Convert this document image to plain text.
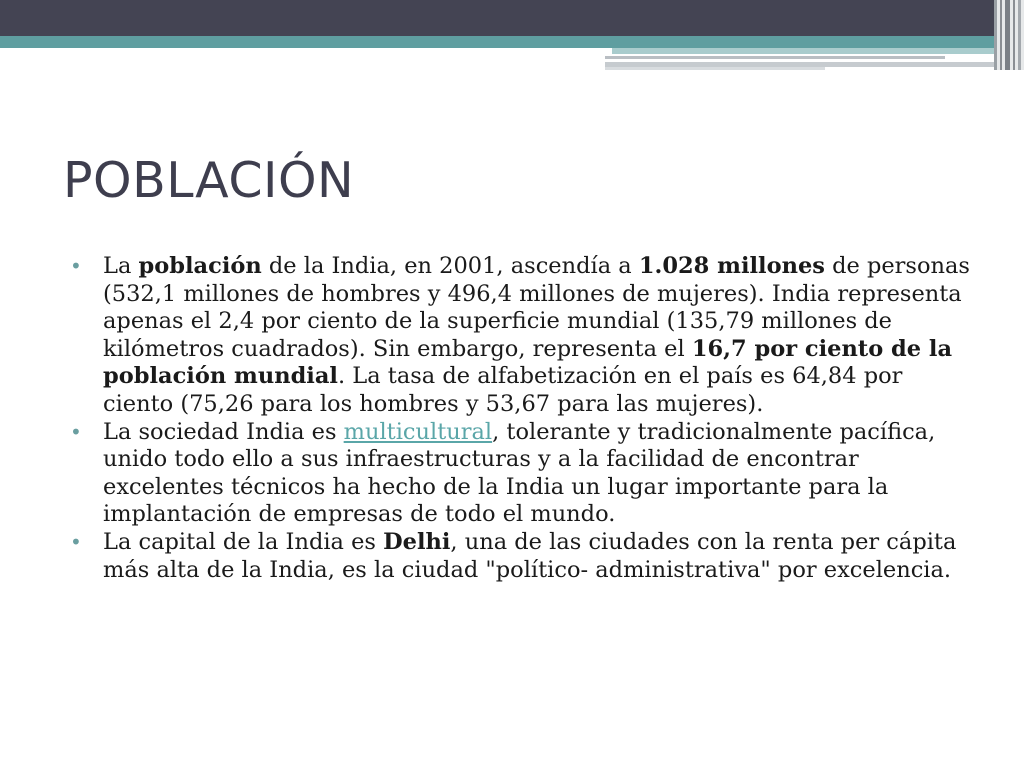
POBLACIÓN
• La población de la India, en 2001, ascendía a 1.028 millones de personas (532,1 millones de hombres y 496,4 millones de mujeres). India representa apenas el 2,4 por ciento de la superficie mundial (135,79 millones de kilómetros cuadrados). Sin embargo, representa el 16,7 por ciento de la población mundial. La tasa de alfabetización en el país es 64,84 por ciento (75,26 para los hombres y 53,67 para las mujeres).
• La sociedad India es multicultural, tolerante y tradicionalmente pacífica, unido todo ello a sus infraestructuras y a la facilidad de encontrar excelentes técnicos ha hecho de la India un lugar importante para la implantación de empresas de todo el mundo.
• La capital de la India es Delhi, una de las ciudades con la renta per cápita más alta de la India, es la ciudad "político- administrativa" por excelencia.
